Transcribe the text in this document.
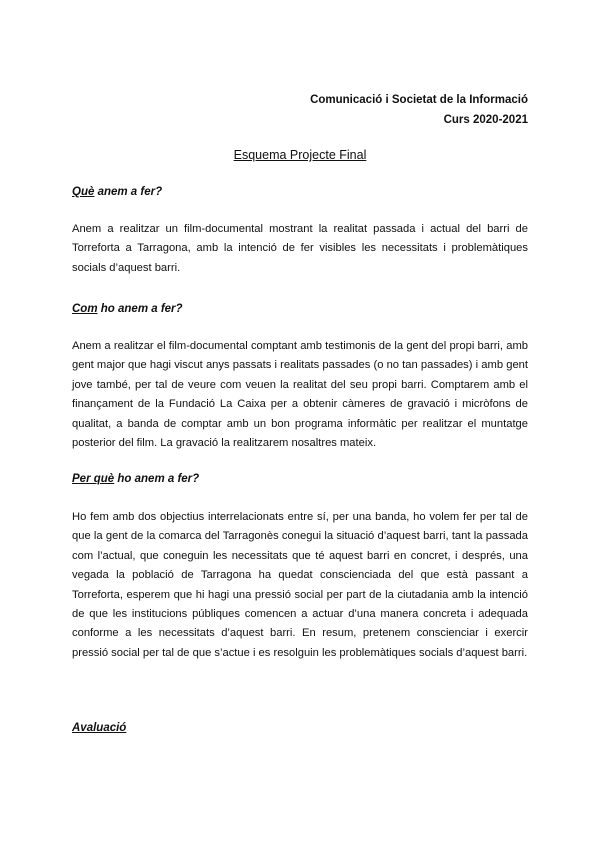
Comunicació i Societat de la Informació
Curs 2020-2021
Esquema Projecte Final
Què anem a fer?
Anem a realitzar un film-documental mostrant la realitat passada i actual del barri de Torreforta a Tarragona, amb la intenció de fer visibles les necessitats i problemàtiques socials d’aquest barri.
Com ho anem a fer?
Anem a realitzar el film-documental comptant amb testimonis de la gent del propi barri, amb gent major que hagi viscut anys passats i realitats passades (o no tan passades) i amb gent jove també, per tal de veure com veuen la realitat del seu propi barri. Comptarem amb el finançament de la Fundació La Caixa per a obtenir càmeres de gravació i micròfons de qualitat, a banda de comptar amb un bon programa informàtic per realitzar el muntatge posterior del film. La gravació la realitzarem nosaltres mateix.
Per què ho anem a fer?
Ho fem amb dos objectius interrelacionats entre sí, per una banda, ho volem fer per tal de que la gent de la comarca del Tarragonès conegui la situació d’aquest barri, tant la passada com l’actual, que coneguin les necessitats que té aquest barri en concret, i després, una vegada la població de Tarragona ha quedat conscienciada del que està passant a Torreforta, esperem que hi hagi una pressió social per part de la ciutadania amb la intenció de que les institucions públiques comencen a actuar d’una manera concreta i adequada conforme a les necessitats d’aquest barri. En resum, pretenem conscienciar i exercir pressió social per tal de que s’actue i es resolguin les problemàtiques socials d’aquest barri.
Avaluació
